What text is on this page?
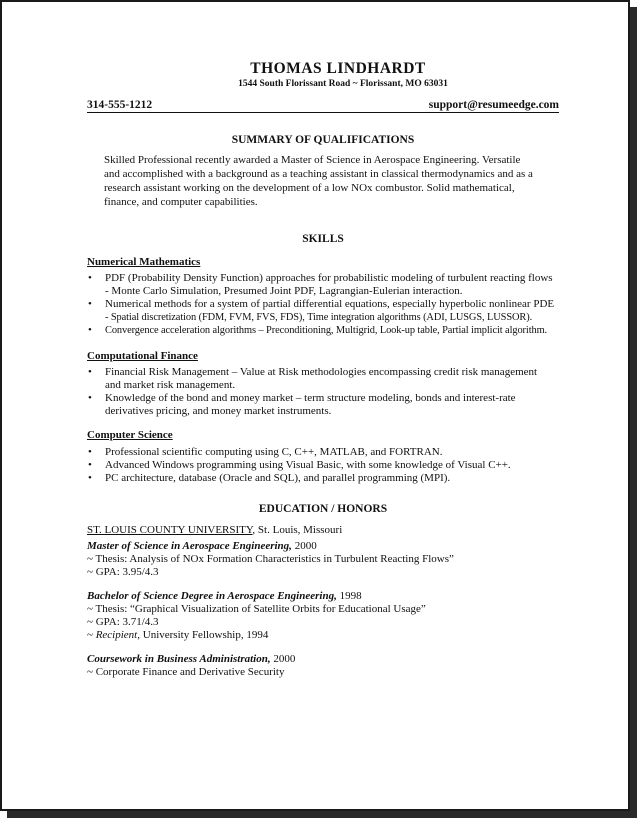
THOMAS LINDHARDT
1544 South Florissant Road ~ Florissant, MO 63031
314-555-1212	support@resumeedge.com
SUMMARY OF QUALIFICATIONS
Skilled Professional recently awarded a Master of Science in Aerospace Engineering. Versatile
and accomplished with a background as a teaching assistant in classical thermodynamics and as a
research assistant working on the development of a low NOx combustor. Solid mathematical,
finance, and computer capabilities.
SKILLS
Numerical Mathematics
• PDF (Probability Density Function) approaches for probabilistic modeling of turbulent reacting flows
- Monte Carlo Simulation, Presumed Joint PDF, Lagrangian-Eulerian interaction.
• Numerical methods for a system of partial differential equations, especially hyperbolic nonlinear PDE
- Spatial discretization (FDM, FVM, FVS, FDS), Time integration algorithms (ADI, LUSGS, LUSSOR).
• Convergence acceleration algorithms – Preconditioning, Multigrid, Look-up table, Partial implicit algorithm.
Computational Finance
• Financial Risk Management – Value at Risk methodologies encompassing credit risk management
and market risk management.
• Knowledge of the bond and money market – term structure modeling, bonds and interest-rate
derivatives pricing, and money market instruments.
Computer Science
• Professional scientific computing using C, C++, MATLAB, and FORTRAN.
• Advanced Windows programming using Visual Basic, with some knowledge of Visual C++.
• PC architecture, database (Oracle and SQL), and parallel programming (MPI).
EDUCATION / HONORS
ST. LOUIS COUNTY UNIVERSITY, St. Louis, Missouri
Master of Science in Aerospace Engineering, 2000
~ Thesis: Analysis of NOx Formation Characteristics in Turbulent Reacting Flows”
~ GPA: 3.95/4.3
Bachelor of Science Degree in Aerospace Engineering, 1998
~ Thesis: “Graphical Visualization of Satellite Orbits for Educational Usage”
~ GPA: 3.71/4.3
~ Recipient, University Fellowship, 1994
Coursework in Business Administration, 2000
~ Corporate Finance and Derivative Security
